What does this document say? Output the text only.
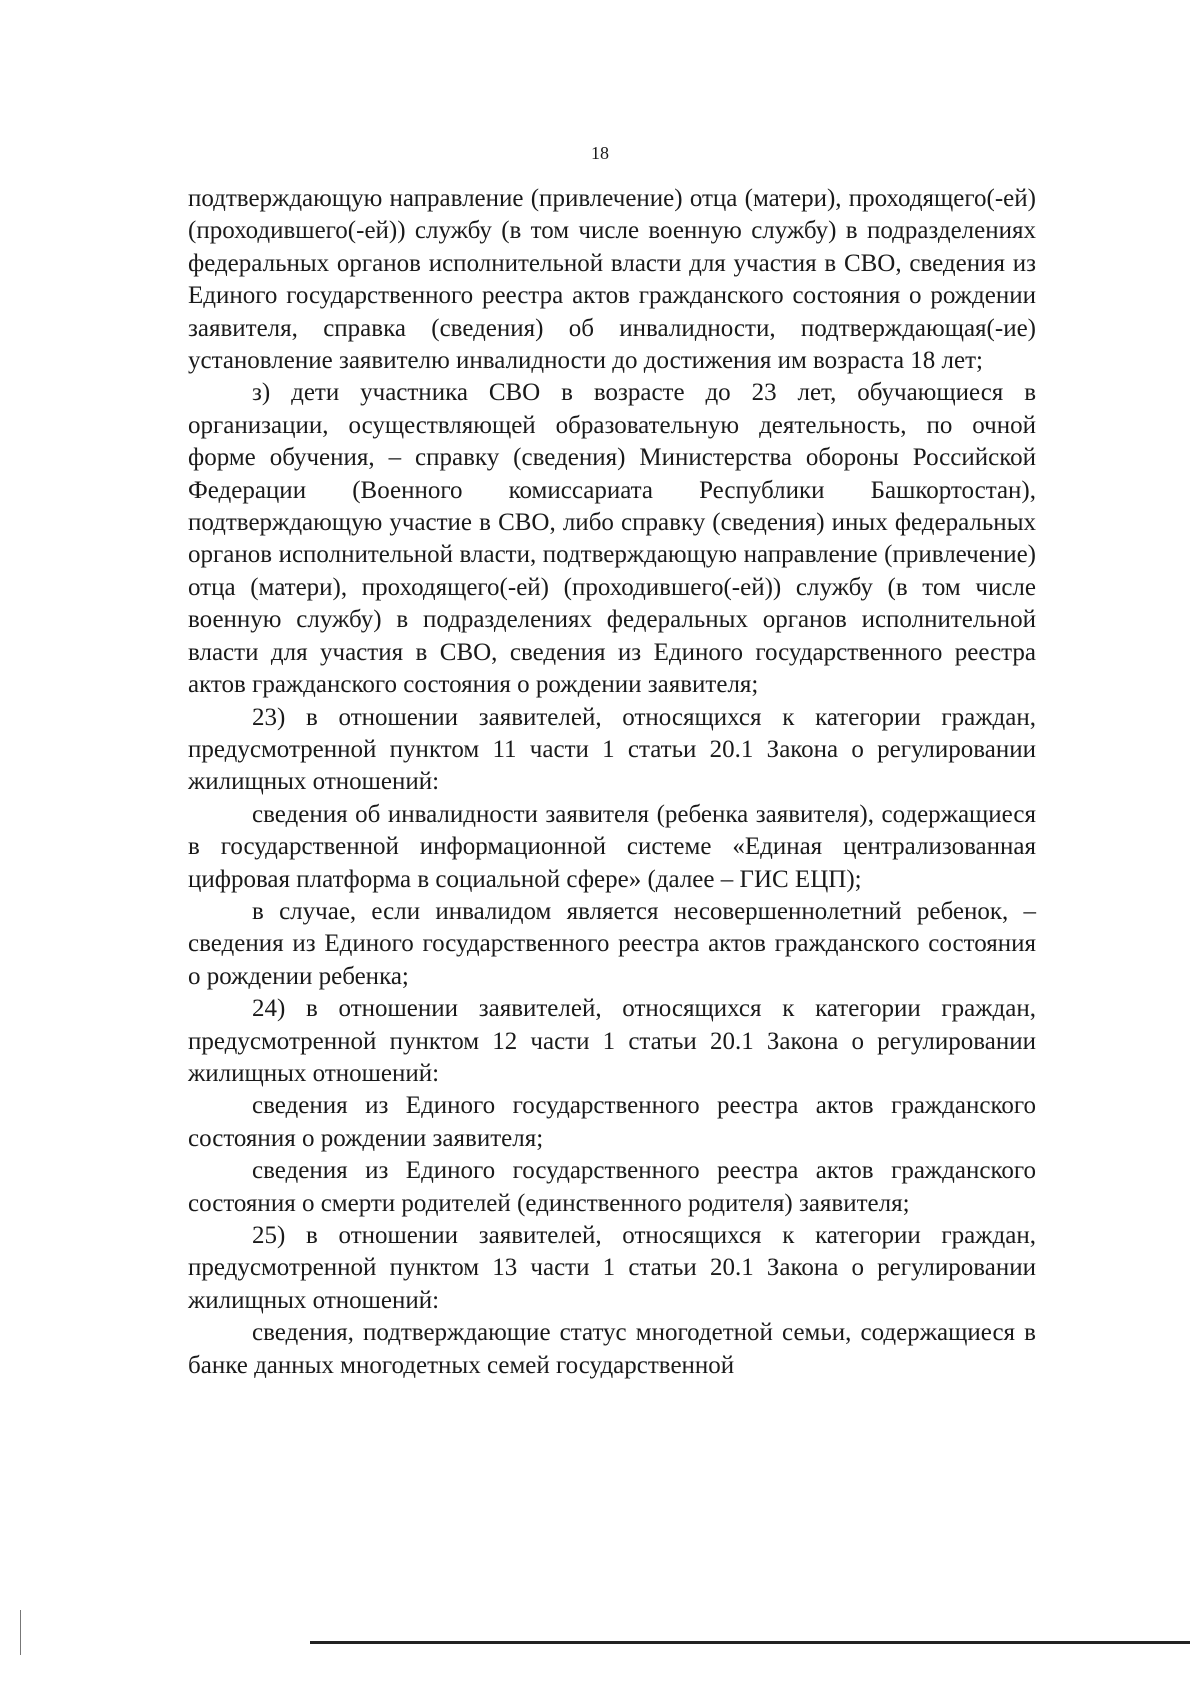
18

подтверждающую направление (привлечение) отца (матери), проходящего(-ей) (проходившего(-ей)) службу (в том числе военную службу) в подразделениях федеральных органов исполнительной власти для участия в СВО, сведения из Единого государственного реестра актов гражданского состояния о рождении заявителя, справка (сведения) об инвалидности, подтверждающая(-ие) установление заявителю инвалидности до достижения им возраста 18 лет;

з) дети участника СВО в возрасте до 23 лет, обучающиеся в организации, осуществляющей образовательную деятельность, по очной форме обучения, – справку (сведения) Министерства обороны Российской Федерации (Военного комиссариата Республики Башкортостан), подтверждающую участие в СВО, либо справку (сведения) иных федеральных органов исполнительной власти, подтверждающую направление (привлечение) отца (матери), проходящего(-ей) (проходившего(-ей)) службу (в том числе военную службу) в подразделениях федеральных органов исполнительной власти для участия в СВО, сведения из Единого государственного реестра актов гражданского состояния о рождении заявителя;

23) в отношении заявителей, относящихся к категории граждан, предусмотренной пунктом 11 части 1 статьи 20.1 Закона о регулировании жилищных отношений:

сведения об инвалидности заявителя (ребенка заявителя), содержащиеся в государственной информационной системе «Единая централизованная цифровая платформа в социальной сфере» (далее – ГИС ЕЦП);

в случае, если инвалидом является несовершеннолетний ребенок, – сведения из Единого государственного реестра актов гражданского состояния о рождении ребенка;

24) в отношении заявителей, относящихся к категории граждан, предусмотренной пунктом 12 части 1 статьи 20.1 Закона о регулировании жилищных отношений:

сведения из Единого государственного реестра актов гражданского состояния о рождении заявителя;

сведения из Единого государственного реестра актов гражданского состояния о смерти родителей (единственного родителя) заявителя;

25) в отношении заявителей, относящихся к категории граждан, предусмотренной пунктом 13 части 1 статьи 20.1 Закона о регулировании жилищных отношений:

сведения, подтверждающие статус многодетной семьи, содержащиеся в банке данных многодетных семей государственной
